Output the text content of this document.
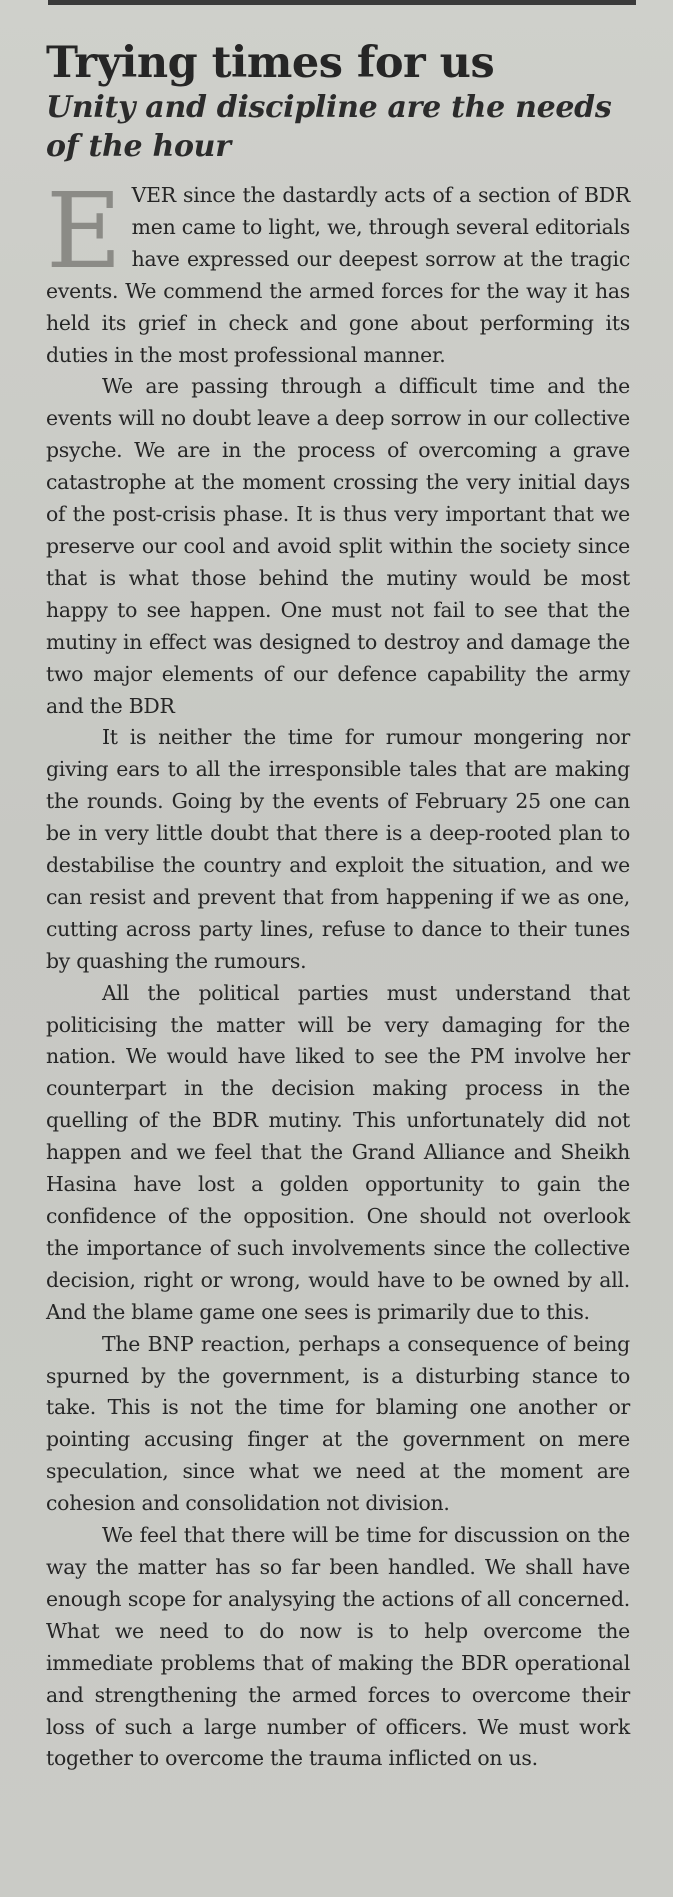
Trying times for us
Unity and discipline are the needs of the hour

EVER since the dastardly acts of a section of BDR men came to light, we, through several editorials have expressed our deepest sorrow at the tragic events. We commend the armed forces for the way it has held its grief in check and gone about performing its duties in the most professional manner.

We are passing through a difficult time and the events will no doubt leave a deep sorrow in our collective psyche. We are in the process of overcoming a grave catastrophe at the moment crossing the very initial days of the post-crisis phase. It is thus very important that we preserve our cool and avoid split within the society since that is what those behind the mutiny would be most happy to see happen. One must not fail to see that the mutiny in effect was designed to destroy and damage the two major elements of our defence capability the army and the BDR

It is neither the time for rumour mongering nor giving ears to all the irresponsible tales that are making the rounds. Going by the events of February 25 one can be in very little doubt that there is a deep-rooted plan to destabilise the country and exploit the situation, and we can resist and prevent that from happening if we as one, cutting across party lines, refuse to dance to their tunes by quashing the rumours.

All the political parties must understand that politicising the matter will be very damaging for the nation. We would have liked to see the PM involve her counterpart in the decision making process in the quelling of the BDR mutiny. This unfortunately did not happen and we feel that the Grand Alliance and Sheikh Hasina have lost a golden opportunity to gain the confidence of the opposition. One should not overlook the importance of such involvements since the collective decision, right or wrong, would have to be owned by all. And the blame game one sees is primarily due to this.

The BNP reaction, perhaps a consequence of being spurned by the government, is a disturbing stance to take. This is not the time for blaming one another or pointing accusing finger at the government on mere speculation, since what we need at the moment are cohesion and consolidation not division.

We feel that there will be time for discussion on the way the matter has so far been handled. We shall have enough scope for analysying the actions of all concerned. What we need to do now is to help overcome the immediate problems that of making the BDR operational and strengthening the armed forces to overcome their loss of such a large number of officers. We must work together to overcome the trauma inflicted on us.
